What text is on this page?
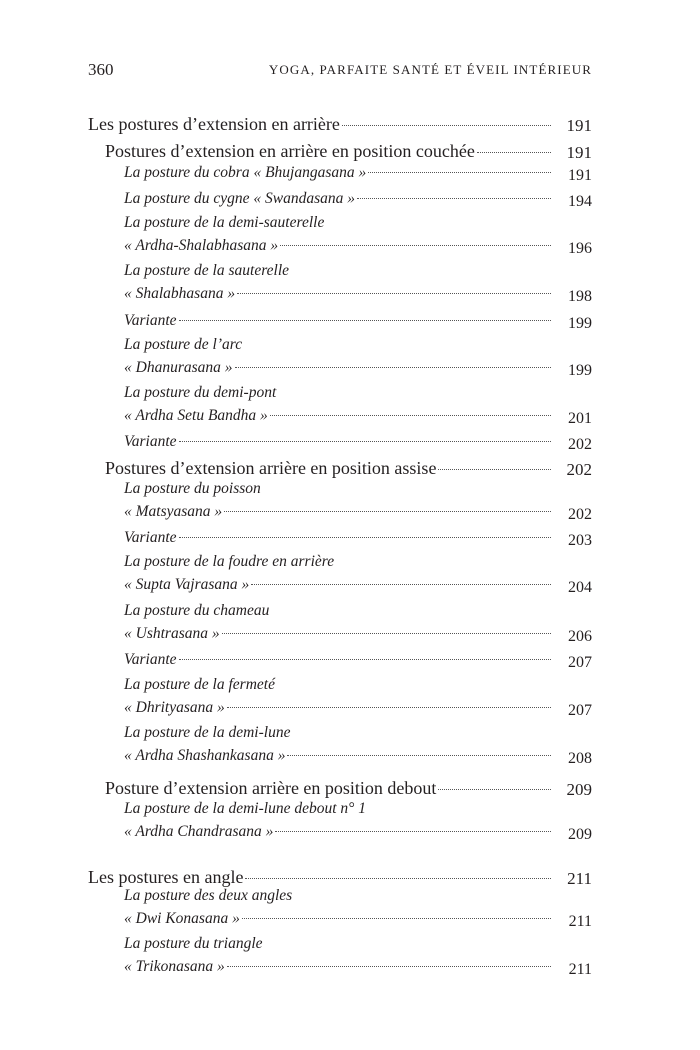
360	YOGA, PARFAITE SANTÉ ET ÉVEIL INTÉRIEUR
Les postures d’extension en arrière	191
Postures d’extension en arrière en position couchée	191
La posture du cobra « Bhujangasana »	191
La posture du cygne « Swandasana »	194
La posture de la demi-sauterelle
« Ardha-Shalabhasana »	196
La posture de la sauterelle
« Shalabhasana »	198
Variante	199
La posture de l’arc
« Dhanurasana »	199
La posture du demi-pont
« Ardha Setu Bandha »	201
Variante	202
Postures d’extension arrière en position assise	202
La posture du poisson
« Matsyasana »	202
Variante	203
La posture de la foudre en arrière
« Supta Vajrasana »	204
La posture du chameau
« Ushtrasana »	206
Variante	207
La posture de la fermeté
« Dhrityasana »	207
La posture de la demi-lune
« Ardha Shashankasana »	208
Posture d’extension arrière en position debout	209
La posture de la demi-lune debout n° 1
« Ardha Chandrasana »	209
Les postures en angle	211
La posture des deux angles
« Dwi Konasana »	211
La posture du triangle
« Trikonasana »	211
